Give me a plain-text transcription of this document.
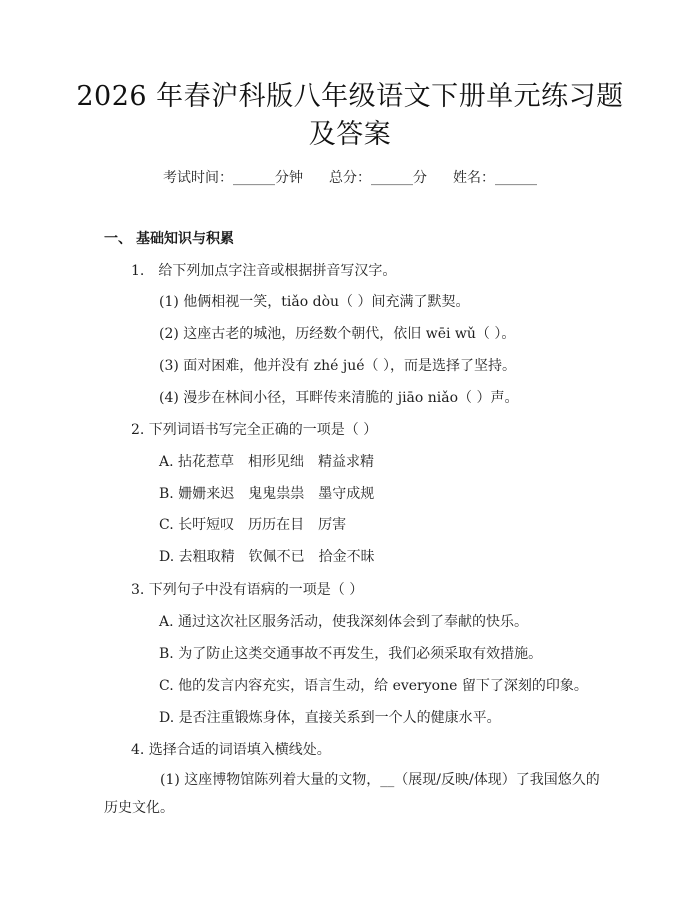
2026 年春沪科版八年级语文下册单元练习题
及答案
考试时间：______分钟 总分：______分 姓名：______
一、 基础知识与积累
1.　给下列加点字注音或根据拼音写汉字。
(1) 他俩相视一笑，tiǎo dòu（ ）间充满了默契。
(2) 这座古老的城池，历经数个朝代，依旧 wēi wǔ（ ）。
(3) 面对困难，他并没有 zhé jué（ ），而是选择了坚持。
(4) 漫步在林间小径，耳畔传来清脆的 jiāo niǎo（ ）声。
2. 下列词语书写完全正确的一项是（ ）
A. 拈花惹草　相形见绌　精益求精
B. 姗姗来迟　鬼鬼祟祟　墨守成规
C. 长吁短叹　历历在目　厉害
D. 去粗取精　钦佩不已　拾金不昧
3. 下列句子中没有语病的一项是（ ）
A. 通过这次社区服务活动，使我深刻体会到了奉献的快乐。
B. 为了防止这类交通事故不再发生，我们必须采取有效措施。
C. 他的发言内容充实，语言生动，给 everyone 留下了深刻的印象。
D. 是否注重锻炼身体，直接关系到一个人的健康水平。
4. 选择合适的词语填入横线处。
(1) 这座博物馆陈列着大量的文物，__（展现/反映/体现）了我国悠久的历史文化。
